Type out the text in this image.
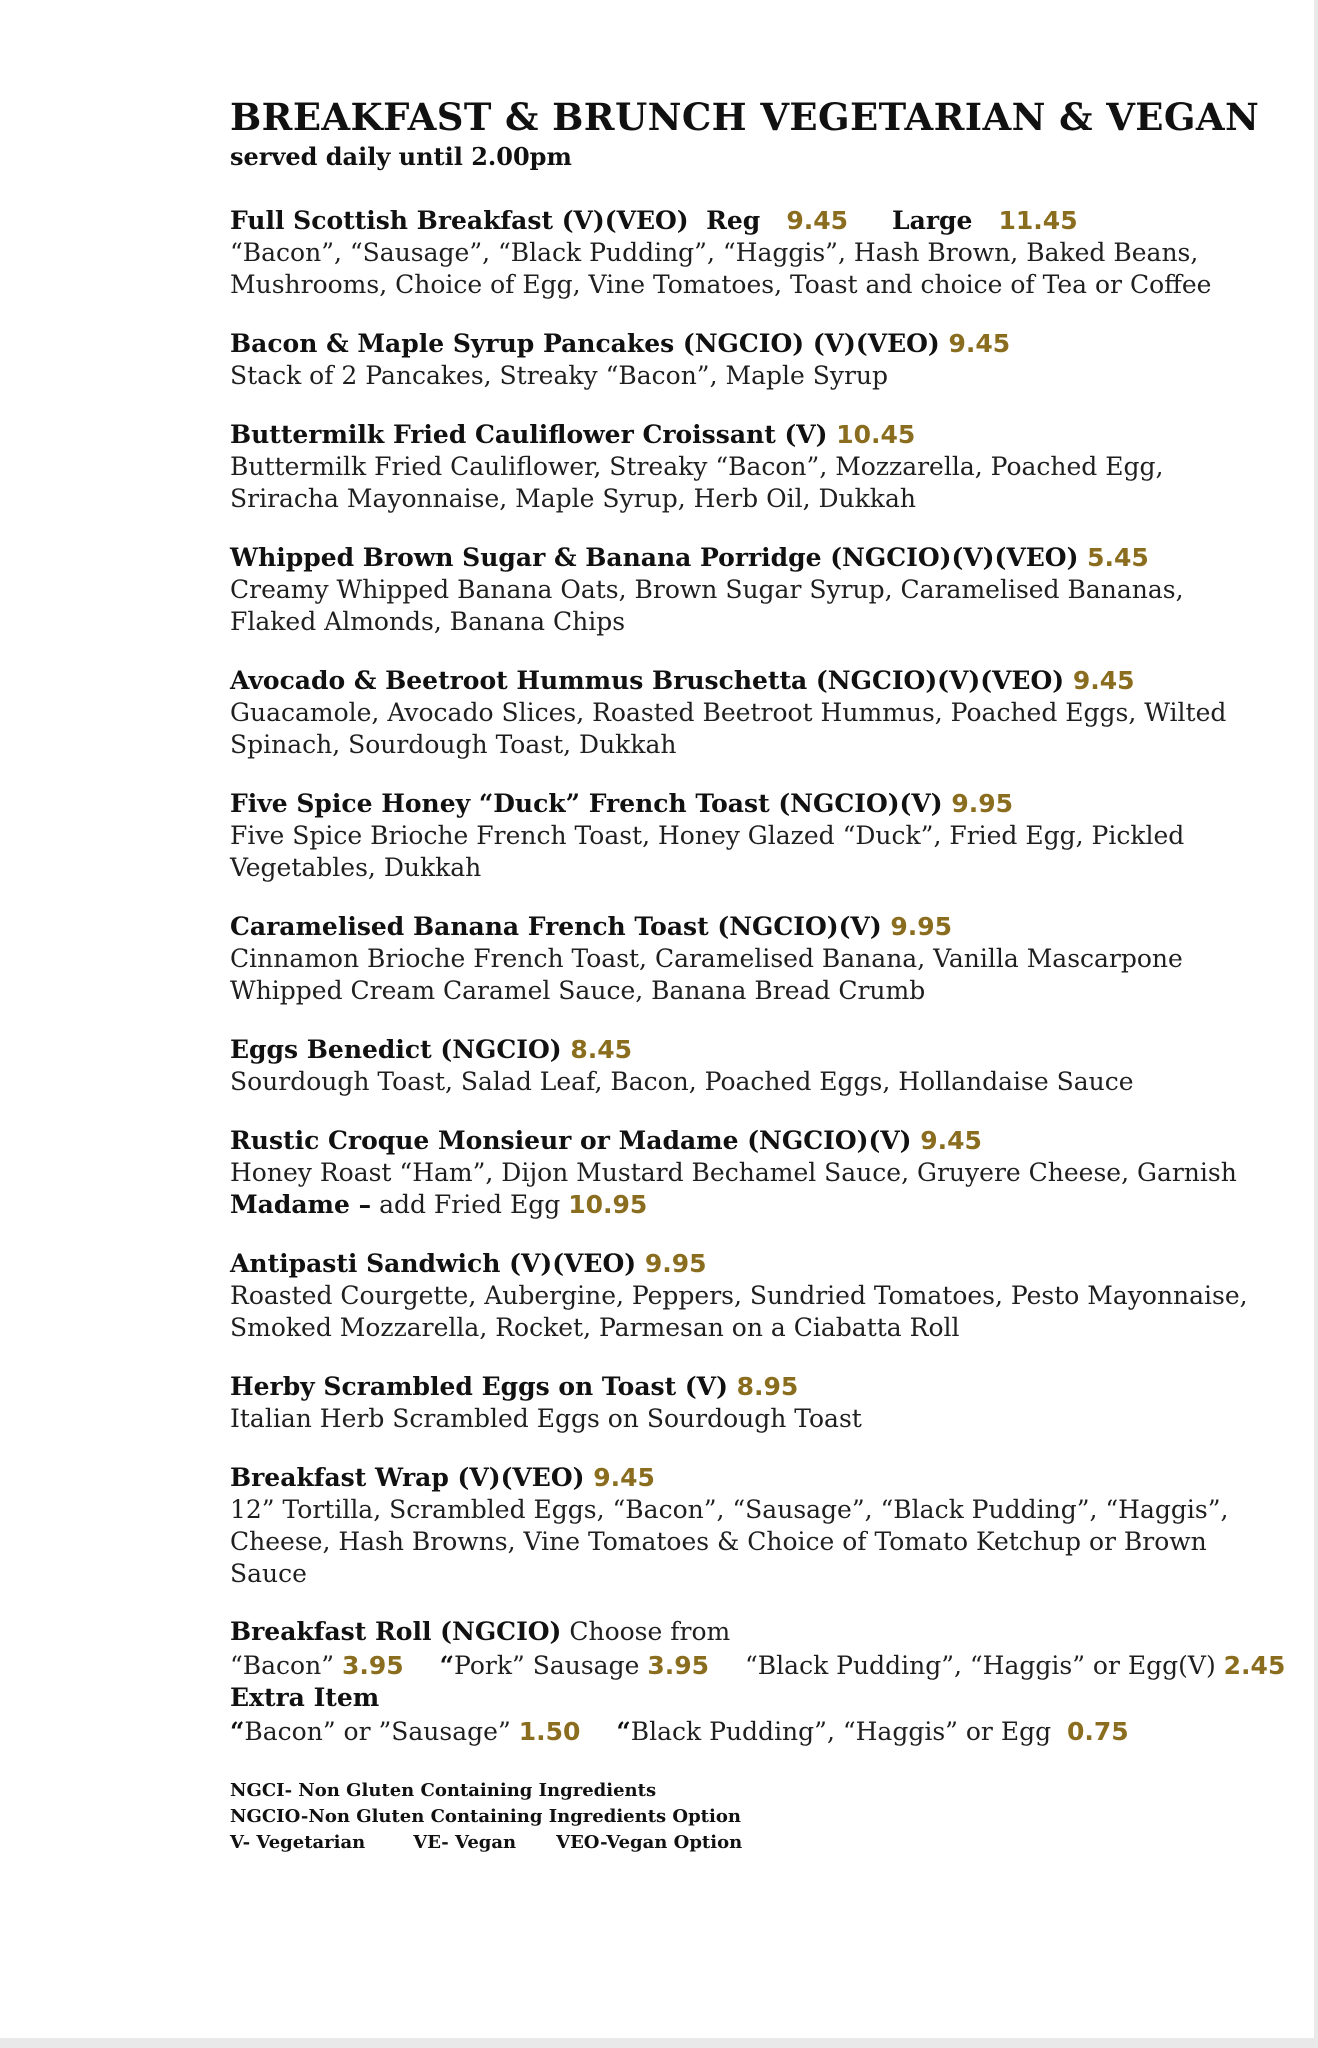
BREAKFAST & BRUNCH VEGETARIAN & VEGAN
served daily until 2.00pm
Full Scottish Breakfast (V)(VEO) Reg 9.45 Large 11.45
“Bacon”, “Sausage”, “Black Pudding”, “Haggis”, Hash Brown, Baked Beans,
Mushrooms, Choice of Egg, Vine Tomatoes, Toast and choice of Tea or Coffee
Bacon & Maple Syrup Pancakes (NGCIO) (V)(VEO) 9.45
Stack of 2 Pancakes, Streaky “Bacon”, Maple Syrup
Buttermilk Fried Cauliflower Croissant (V) 10.45
Buttermilk Fried Cauliflower, Streaky “Bacon”, Mozzarella, Poached Egg,
Sriracha Mayonnaise, Maple Syrup, Herb Oil, Dukkah
Whipped Brown Sugar & Banana Porridge (NGCIO)(V)(VEO) 5.45
Creamy Whipped Banana Oats, Brown Sugar Syrup, Caramelised Bananas,
Flaked Almonds, Banana Chips
Avocado & Beetroot Hummus Bruschetta (NGCIO)(V)(VEO) 9.45
Guacamole, Avocado Slices, Roasted Beetroot Hummus, Poached Eggs, Wilted
Spinach, Sourdough Toast, Dukkah
Five Spice Honey “Duck” French Toast (NGCIO)(V) 9.95
Five Spice Brioche French Toast, Honey Glazed “Duck”, Fried Egg, Pickled
Vegetables, Dukkah
Caramelised Banana French Toast (NGCIO)(V) 9.95
Cinnamon Brioche French Toast, Caramelised Banana, Vanilla Mascarpone
Whipped Cream Caramel Sauce, Banana Bread Crumb
Eggs Benedict (NGCIO) 8.45
Sourdough Toast, Salad Leaf, Bacon, Poached Eggs, Hollandaise Sauce
Rustic Croque Monsieur or Madame (NGCIO)(V) 9.45
Honey Roast “Ham”, Dijon Mustard Bechamel Sauce, Gruyere Cheese, Garnish
Madame – add Fried Egg 10.95
Antipasti Sandwich (V)(VEO) 9.95
Roasted Courgette, Aubergine, Peppers, Sundried Tomatoes, Pesto Mayonnaise,
Smoked Mozzarella, Rocket, Parmesan on a Ciabatta Roll
Herby Scrambled Eggs on Toast (V) 8.95
Italian Herb Scrambled Eggs on Sourdough Toast
Breakfast Wrap (V)(VEO) 9.45
12” Tortilla, Scrambled Eggs, “Bacon”, “Sausage”, “Black Pudding”, “Haggis”,
Cheese, Hash Browns, Vine Tomatoes & Choice of Tomato Ketchup or Brown
Sauce
Breakfast Roll (NGCIO) Choose from
“Bacon” 3.95 “Pork” Sausage 3.95 “Black Pudding”, “Haggis” or Egg(V) 2.45
Extra Item
“Bacon” or ”Sausage” 1.50 “Black Pudding”, “Haggis” or Egg 0.75
NGCI- Non Gluten Containing Ingredients
NGCIO-Non Gluten Containing Ingredients Option
V- Vegetarian	VE- Vegan VEO-Vegan Option
